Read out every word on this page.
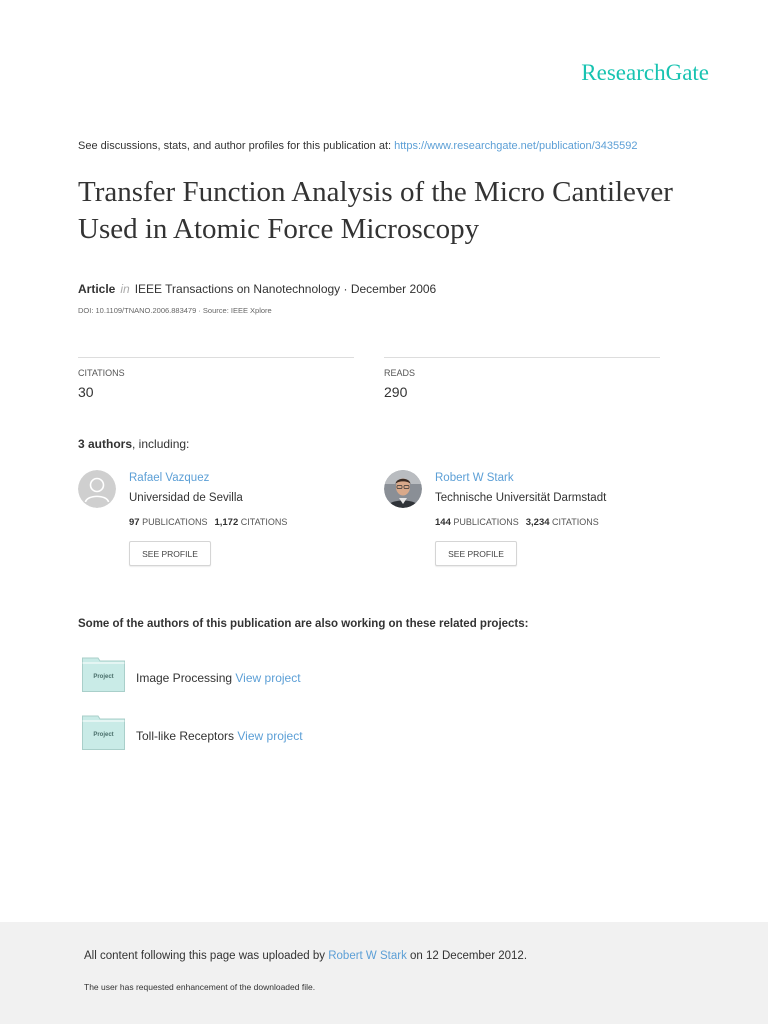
ResearchGate
See discussions, stats, and author profiles for this publication at: https://www.researchgate.net/publication/3435592
Transfer Function Analysis of the Micro Cantilever Used in Atomic Force Microscopy
Article in IEEE Transactions on Nanotechnology · December 2006
DOI: 10.1109/TNANO.2006.883479 · Source: IEEE Xplore
CITATIONS
30
READS
290
3 authors, including:
Rafael Vazquez
Universidad de Sevilla
97 PUBLICATIONS 1,172 CITATIONS
SEE PROFILE
Robert W Stark
Technische Universität Darmstadt
144 PUBLICATIONS 3,234 CITATIONS
SEE PROFILE
Some of the authors of this publication are also working on these related projects:
Project	Image Processing View project
Project	Toll-like Receptors View project
All content following this page was uploaded by Robert W Stark on 12 December 2012.
The user has requested enhancement of the downloaded file.
